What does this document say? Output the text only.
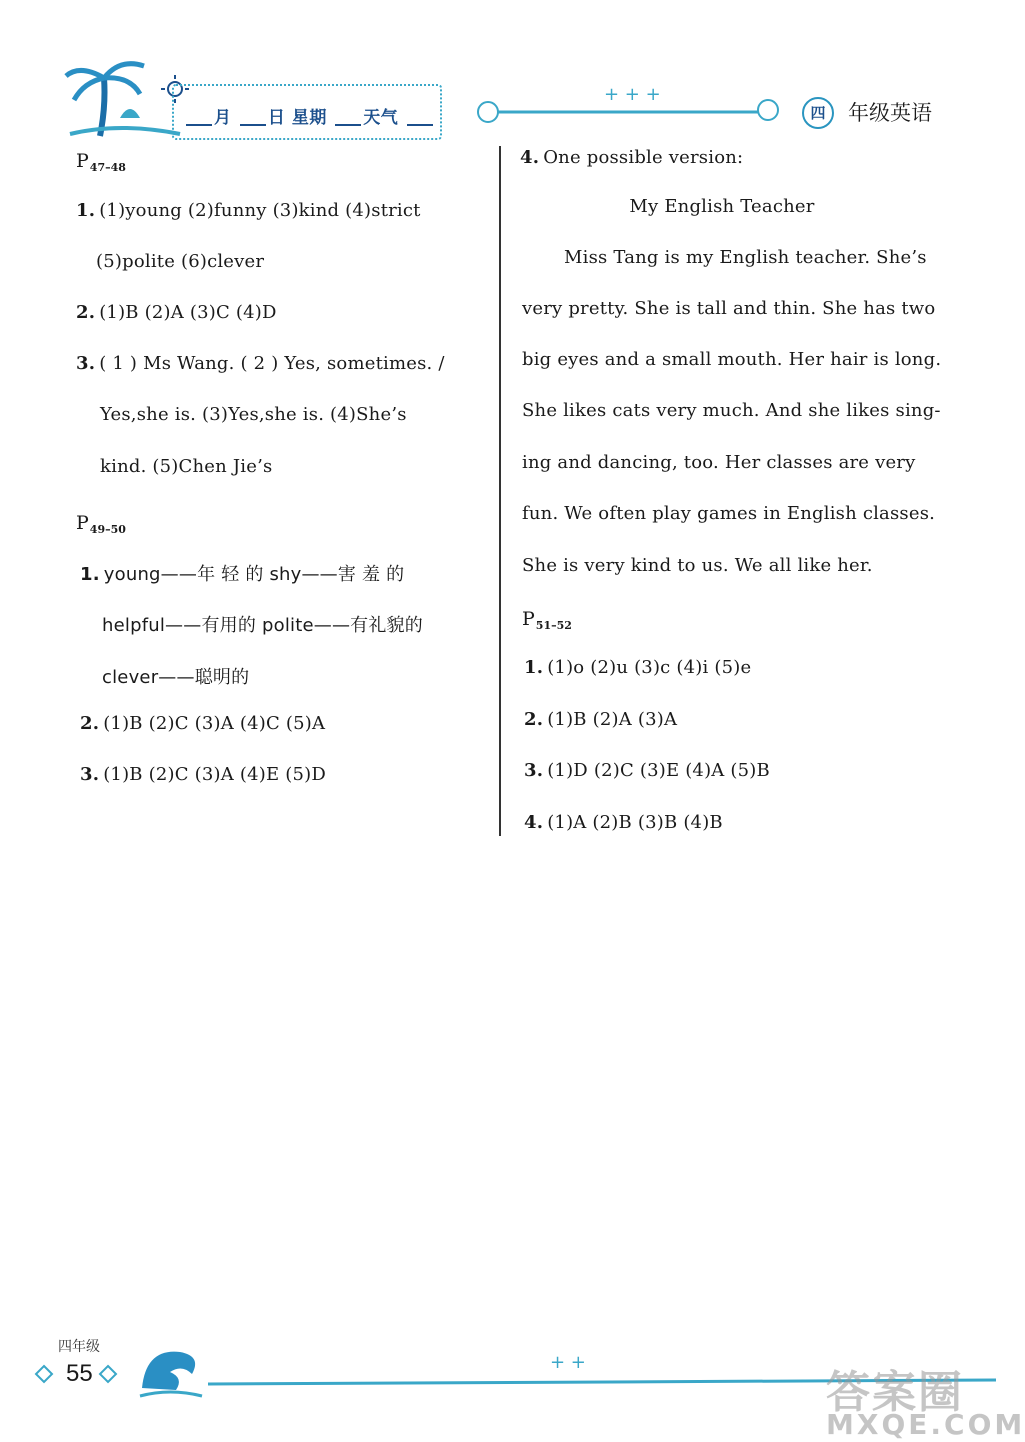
月 日 星期 天气
+ + +
四	年级英语
$P_{47-48}$
1. (1)young (2)funny (3)kind (4)strict
(5)polite (6)clever
2. (1)B (2)A (3)C (4)D
3. ( 1 ) Ms Wang. ( 2 ) Yes, sometimes. /
Yes,she is. (3)Yes,she is. (4)She’s
kind. (5)Chen Jie’s
$P_{49-50}$
1. young——年 轻 的 shy——害 羞 的
helpful——有用的 polite——有礼貌的
clever——聪明的
2. (1)B (2)C (3)A (4)C (5)A
3. (1)B (2)C (3)A (4)E (5)D
4. One possible version:
My English Teacher
Miss Tang is my English teacher. She’s
very pretty. She is tall and thin. She has two
big eyes and a small mouth. Her hair is long.
She likes cats very much. And she likes sing-
ing and dancing, too. Her classes are very
fun. We often play games in English classes.
She is very kind to us. We all like her.
$P_{51-52}$
1. (1)o (2)u (3)c (4)i (5)e
2. (1)B (2)A (3)A
3. (1)D (2)C (3)E (4)A (5)B
4. (1)A (2)B (3)B (4)B
四年级
55	+ +
答案圈
MXQE.COM
